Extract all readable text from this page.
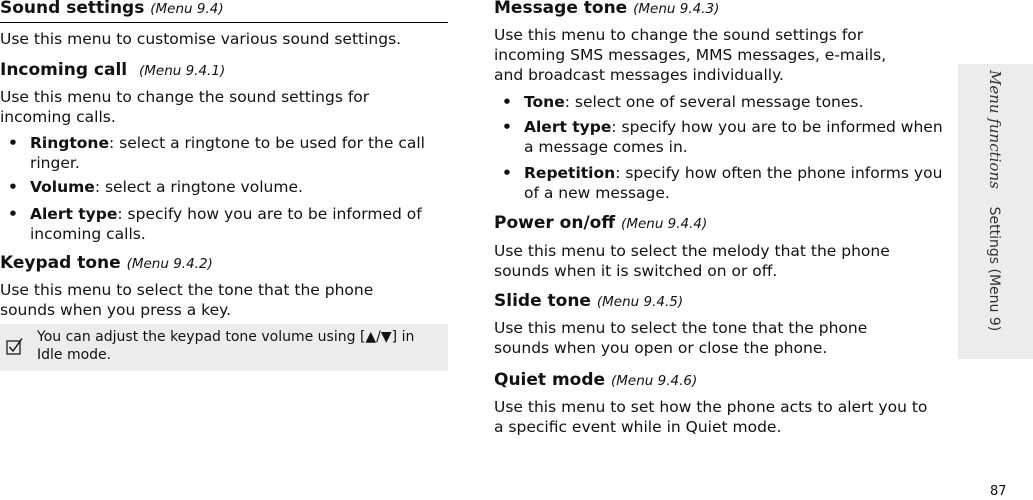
Sound settings (Menu 9.4)
Use this menu to customise various sound settings.
Incoming call (Menu 9.4.1)
Use this menu to change the sound settings for incoming calls.
• Ringtone: select a ringtone to be used for the call ringer.
• Volume: select a ringtone volume.
• Alert type: specify how you are to be informed of incoming calls.
Keypad tone (Menu 9.4.2)
Use this menu to select the tone that the phone sounds when you press a key.
You can adjust the keypad tone volume using [▲/▼] in Idle mode.
Message tone (Menu 9.4.3)
Use this menu to change the sound settings for incoming SMS messages, MMS messages, e-mails, and broadcast messages individually.
• Tone: select one of several message tones.
• Alert type: specify how you are to be informed when a message comes in.
• Repetition: specify how often the phone informs you of a new message.
Power on/off (Menu 9.4.4)
Use this menu to select the melody that the phone sounds when it is switched on or off.
Slide tone (Menu 9.4.5)
Use this menu to select the tone that the phone sounds when you open or close the phone.
Quiet mode (Menu 9.4.6)
Use this menu to set how the phone acts to alert you to a specific event while in Quiet mode.
Menu functions    Settings (Menu 9)
87
